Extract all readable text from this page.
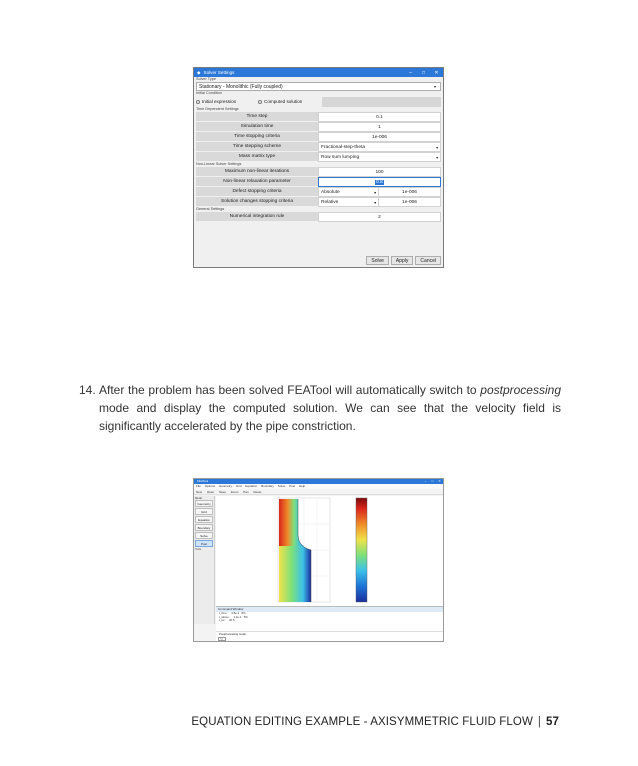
◆ Solver Settings	–	□	✕
Solver Type
Stationary - Monolithic (Fully coupled)	▾
Initial Condition
Initial expression	Computed solution
Time Dependent Settings
Time step	0.1
Simulation time	1
Time stopping criteria	1e-006
Time stepping scheme	Fractional-step-theta	▾
Mass matrix type	Row sum lumping	▾
Non-Linear Solver Settings
Maximum non-linear iterations	100
Non-linear relaxation parameter	0.8
Defect stopping criteria	Absolute	▾	1e-006
Solution changes stopping criteria	Relative	▾	1e-006
General Settings
Numerical integration rule	2
Solve	Apply	Cancel
14. After the problem has been solved FEATool will automatically switch to postprocessing mode and display the computed solution. We can see that the velocity field is significantly accelerated by the pipe constriction.

FEATool	–	□	✕
File Options Geometry Grid Equation Boundary Solve Post Help
New Open Save Zoom Pan Reset
Mode
Geometry
Grid
Equation
Boundary
Solve
Post
Tools
Command Window
t_tlmu :    3.8e-1   8%
t_iatime :    1.0e-1   5%
t_tot :    20.5
Postprocessing mode.
>>
EQUATION EDITING EXAMPLE - AXISYMMETRIC FLUID FLOW | 57
